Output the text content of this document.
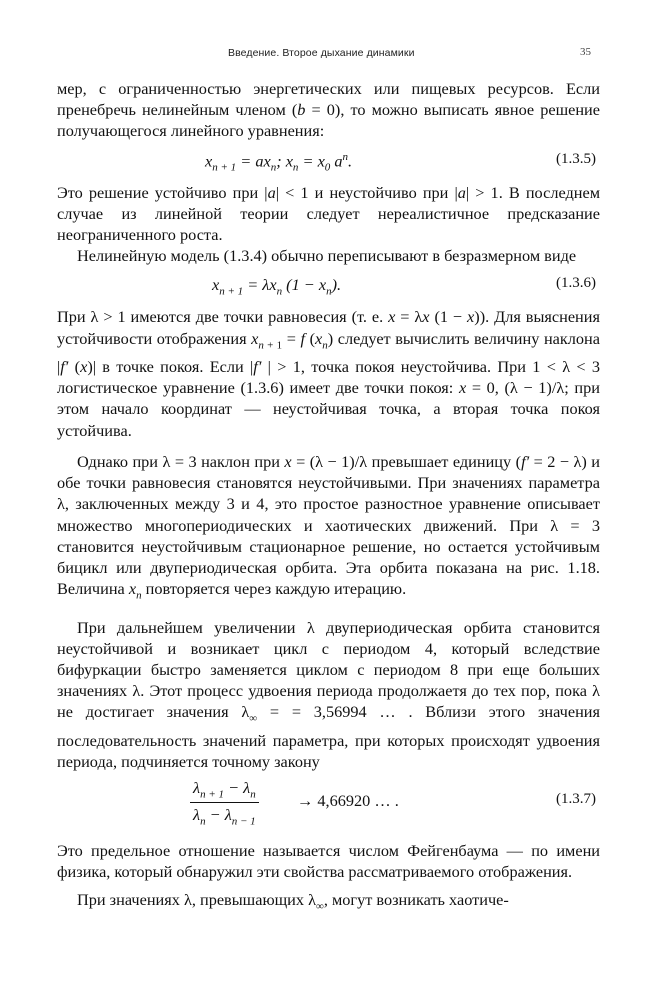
Введение. Второе дыхание динамики	35

мер, с ограниченностью энергетических или пищевых ресурсов. Если пренебречь нелинейным членом (b = 0), то можно выписать явное решение получающегося линейного уравнения:

$x_{n + 1} = ax_n$; $x_n = x_0$ $a^n$.	(1.3.5)

Это решение устойчиво при |a| < 1 и неустойчиво при |a| > 1. В последнем случае из линейной теории следует нереалистичное предсказание неограниченного роста.

Нелинейную модель (1.3.4) обычно переписывают в безразмерном виде

$x_{n + 1} = \lambda x_n$ $(1 - x_n)$.	(1.3.6)

При λ > 1 имеются две точки равновесия (т. е. x = λx (1 − x)). Для выяснения устойчивости отображения $x_{n + 1} = f$ $(x_n)$ следует вычислить величину наклона |f′ (x)| в точке покоя. Если |f′ | > 1, точка покоя неустойчива. При 1 < λ < 3 логистическое уравнение (1.3.6) имеет две точки покоя: x = 0, (λ − 1)/λ; при этом начало координат — неустойчивая точка, а вторая точка покоя устойчива.

Однако при λ = 3 наклон при x = (λ − 1)/λ превышает единицу (f′ = 2 − λ) и обе точки равновесия становятся неустойчивыми. При значениях параметра λ, заключенных между 3 и 4, это простое разностное уравнение описывает множество многопериодических и хаотических движений. При λ = 3 становится неустойчивым стационарное решение, но остается устойчивым бицикл или двупериодическая орбита. Эта орбита показана на рис. 1.18. Величина $x_n$ повторяется через каждую итерацию.

При дальнейшем увеличении λ двупериодическая орбита становится неустойчивой и возникает цикл с периодом 4, который вследствие бифуркации быстро заменяется циклом с периодом 8 при еще больших значениях λ. Этот процесс удвоения периода продолжаетя до тех пор, пока λ не достигает значения $\lambda_\infty$ = = 3,56994 … . Вблизи этого значения последовательность значений параметра, при которых происходят удвоения периода, подчиняется точному закону

$\frac{\lambda_{n + 1} - \lambda_n}{\lambda_n - \lambda_{n - 1}} \to 4,66920$ … .	(1.3.7)

Это предельное отношение называется числом Фейгенбаума — по имени физика, который обнаружил эти свойства рассматриваемого отображения.

При значениях λ, превышающих $\lambda_\infty$, могут возникать хаотиче-
